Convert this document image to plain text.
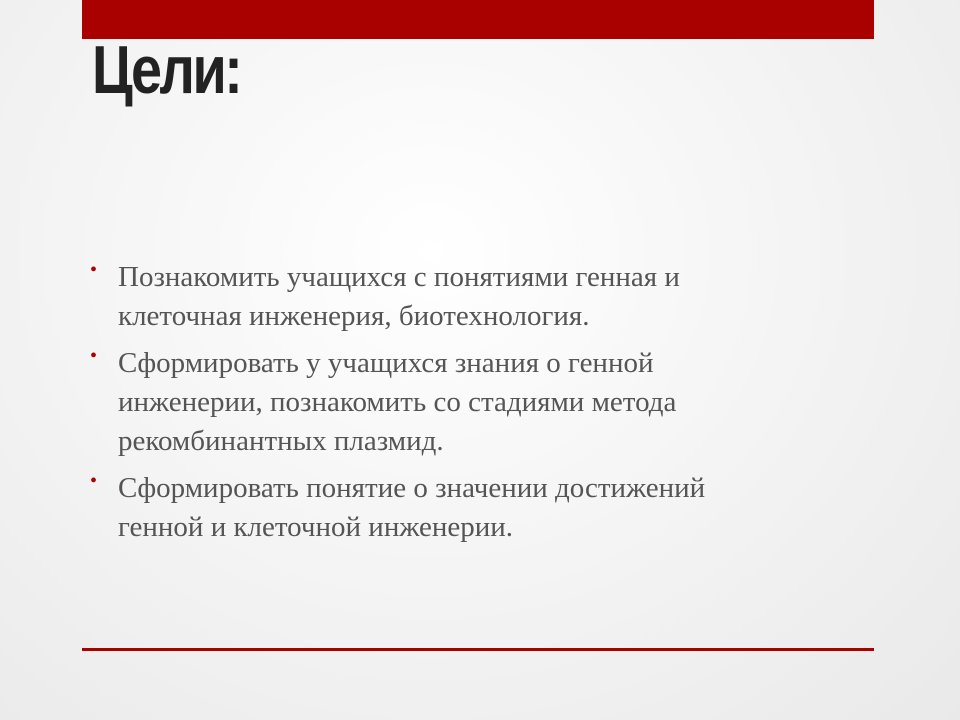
Цели:
• Познакомить учащихся с понятиями генная и клеточная инженерия, биотехнология.
• Сформировать у учащихся знания о генной инженерии, познакомить со стадиями метода рекомбинантных плазмид.
• Сформировать понятие о значении достижений генной и клеточной инженерии.
